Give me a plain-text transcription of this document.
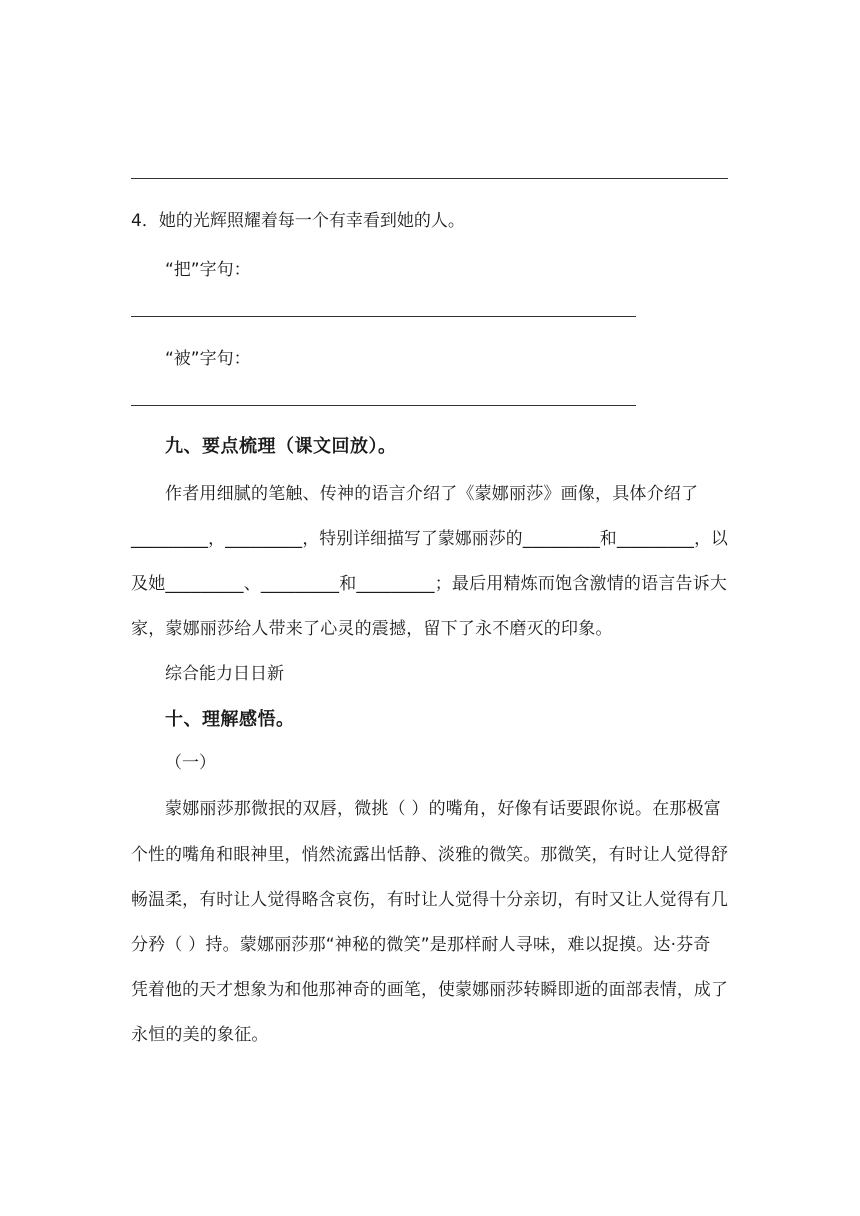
4．她的光辉照耀着每一个有幸看到她的人。
“把”字句：
“被”字句：
九、要点梳理（课文回放）。
作者用细腻的笔触、传神的语言介绍了《蒙娜丽莎》画像，具体介绍了
_________，_________，特别详细描写了蒙娜丽莎的_________和_________，以
及她_________、_________和_________；最后用精炼而饱含激情的语言告诉大
家，蒙娜丽莎给人带来了心灵的震撼，留下了永不磨灭的印象。
综合能力日日新
十、理解感悟。
（一）
蒙娜丽莎那微抿的双唇，微挑（ ）的嘴角，好像有话要跟你说。在那极富
个性的嘴角和眼神里，悄然流露出恬静、淡雅的微笑。那微笑，有时让人觉得舒
畅温柔，有时让人觉得略含哀伤，有时让人觉得十分亲切，有时又让人觉得有几
分矜（ ）持。蒙娜丽莎那“神秘的微笑”是那样耐人寻味，难以捉摸。达·芬奇
凭着他的天才想象为和他那神奇的画笔，使蒙娜丽莎转瞬即逝的面部表情，成了
永恒的美的象征。
